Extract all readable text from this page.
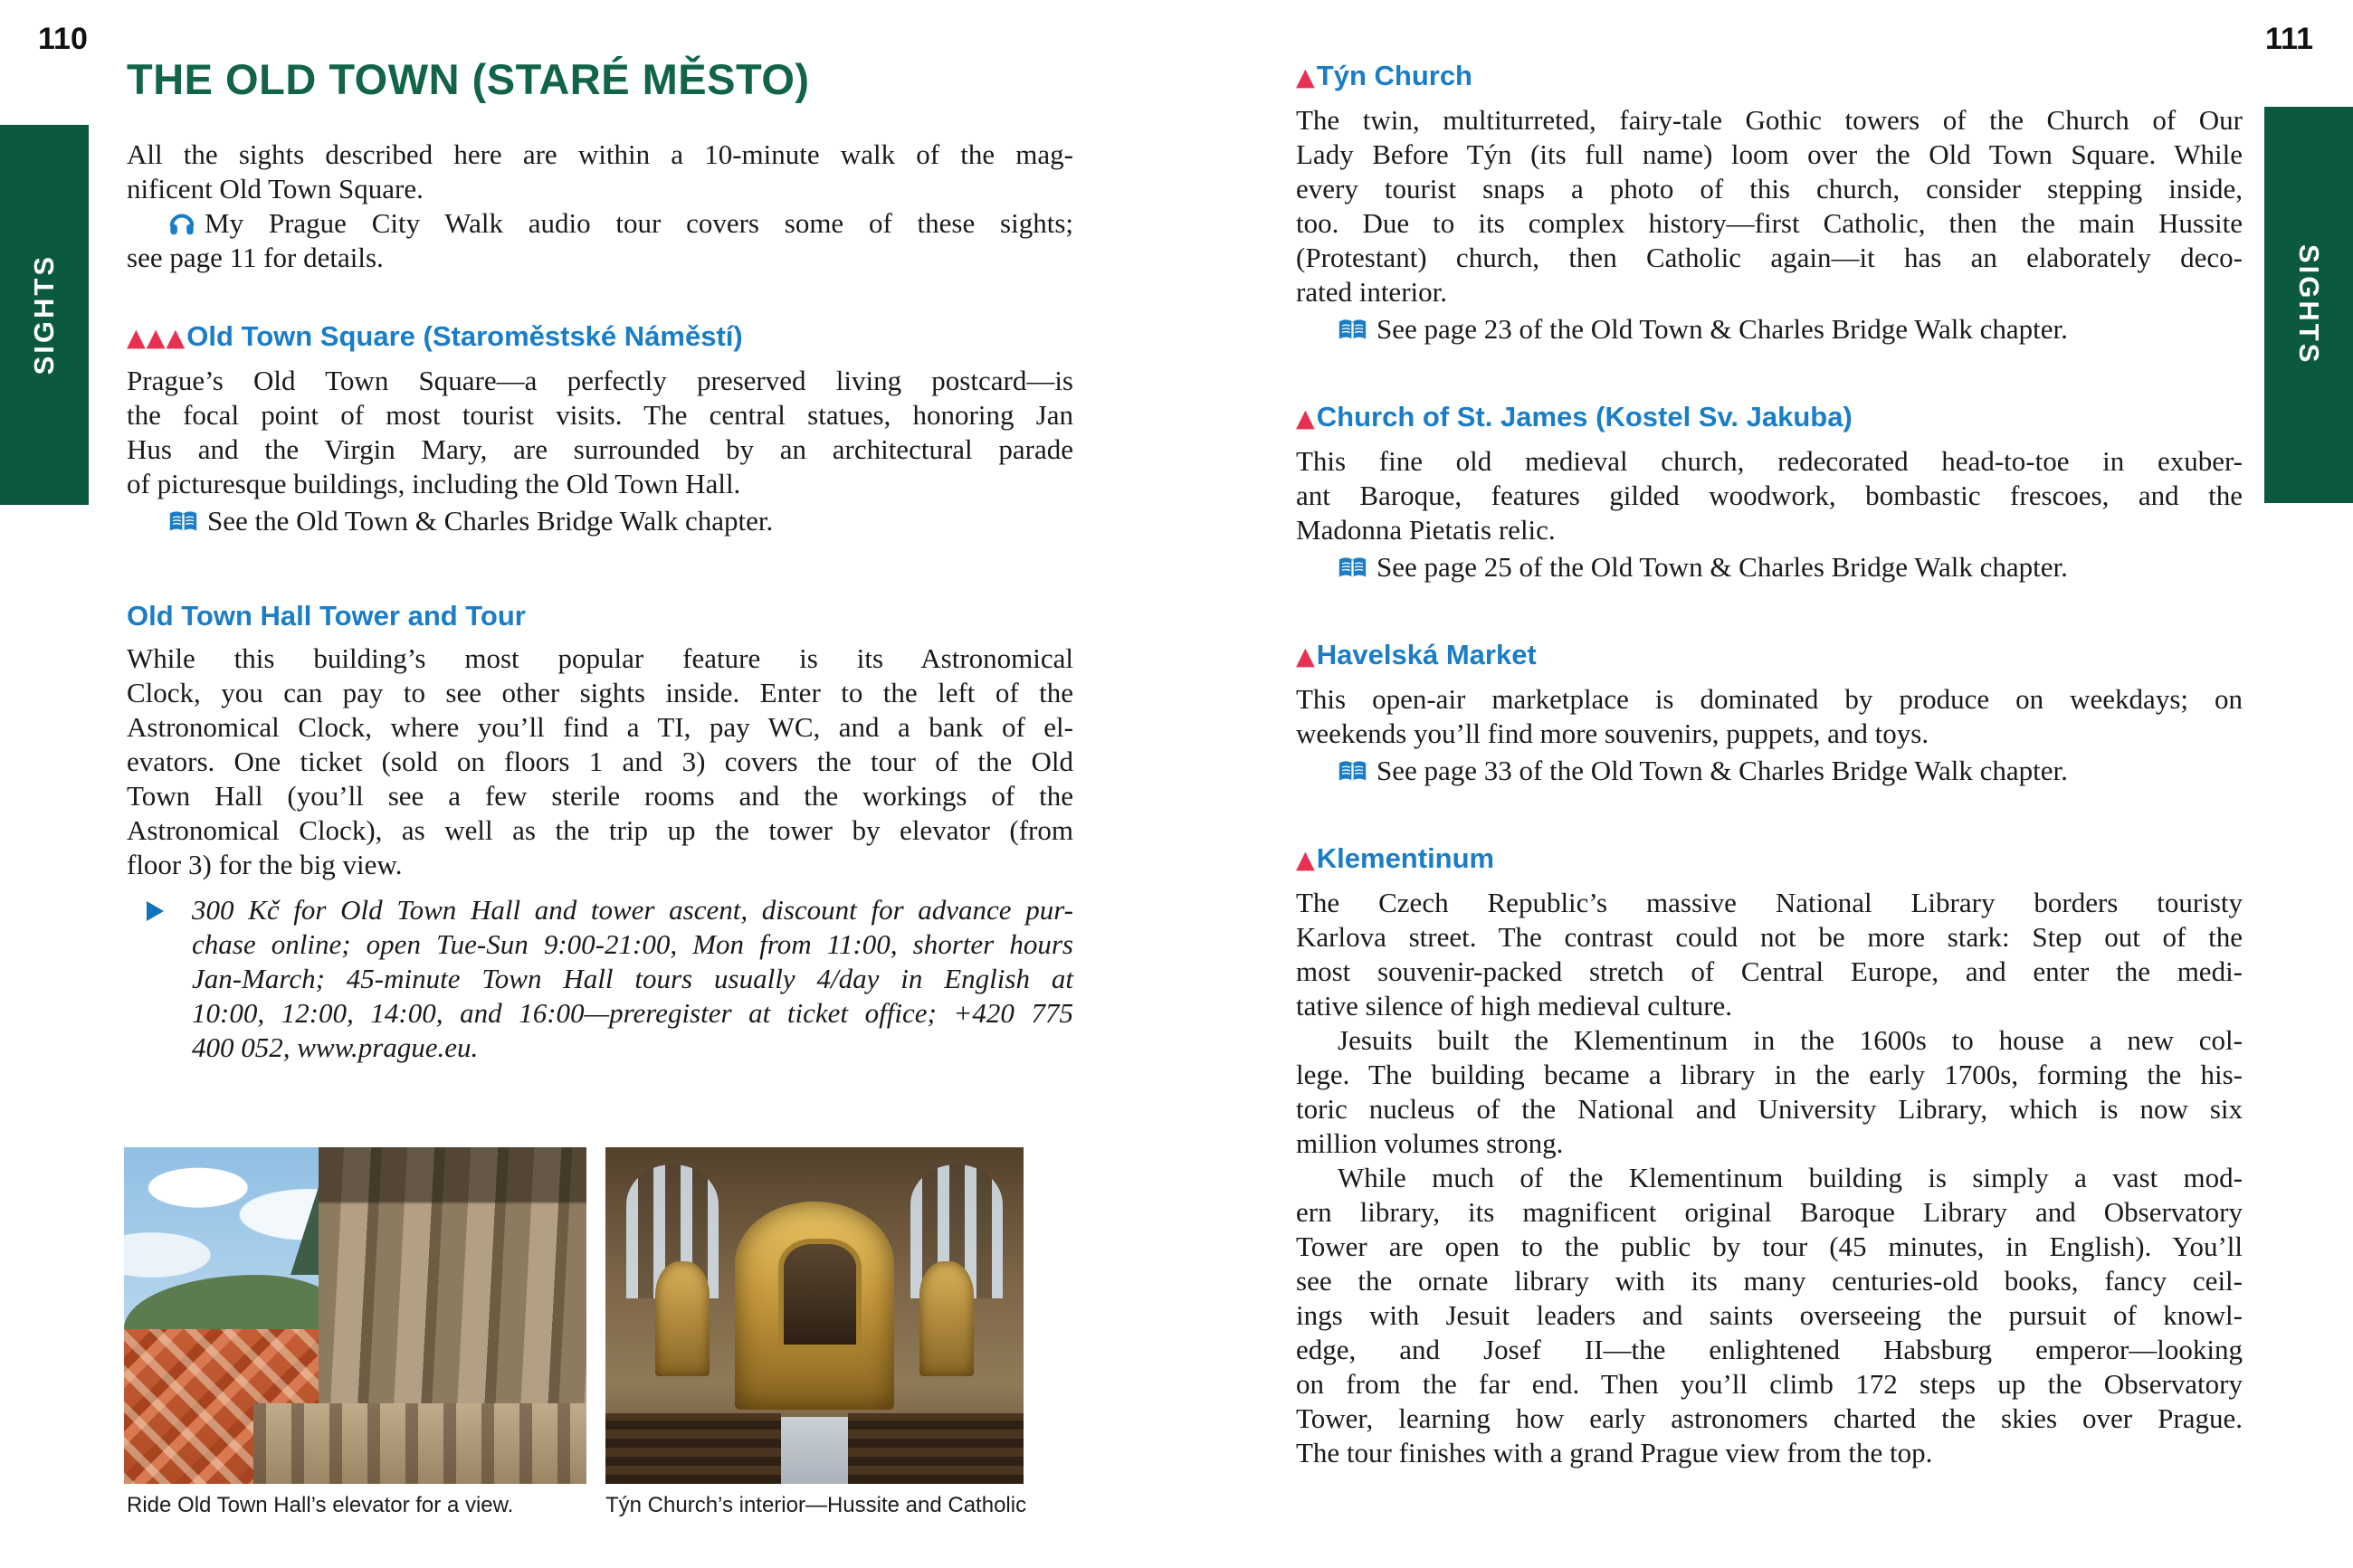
110	111
SIGHTS	SIGHTS
THE OLD TOWN (STARÉ MĚSTO)
All the sights described here are within a 10-minute walk of the mag-
nificent Old Town Square.
My Prague City Walk audio tour covers some of these sights;
see page 11 for details.
▲▲▲Old Town Square (Staroměstské Náměstí)
Prague’s Old Town Square—a perfectly preserved living postcard—is
the focal point of most tourist visits. The central statues, honoring Jan
Hus and the Virgin Mary, are surrounded by an architectural parade
of picturesque buildings, including the Old Town Hall.
See the Old Town & Charles Bridge Walk chapter.
Old Town Hall Tower and Tour
While this building’s most popular feature is its Astronomical
Clock, you can pay to see other sights inside. Enter to the left of the
Astronomical Clock, where you’ll find a TI, pay WC, and a bank of el-
evators. One ticket (sold on floors 1 and 3) covers the tour of the Old
Town Hall (you’ll see a few sterile rooms and the workings of the
Astronomical Clock), as well as the trip up the tower by elevator (from
floor 3) for the big view.
300 Kč for Old Town Hall and tower ascent, discount for advance pur-
chase online; open Tue-Sun 9:00-21:00, Mon from 11:00, shorter hours
Jan-March; 45-minute Town Hall tours usually 4/day in English at
10:00, 12:00, 14:00, and 16:00—preregister at ticket office; +420 775
400 052, www.prague.eu.
▲Týn Church
The twin, multiturreted, fairy-tale Gothic towers of the Church of Our
Lady Before Týn (its full name) loom over the Old Town Square. While
every tourist snaps a photo of this church, consider stepping inside,
too. Due to its complex history—first Catholic, then the main Hussite
(Protestant) church, then Catholic again—it has an elaborately deco-
rated interior.
See page 23 of the Old Town & Charles Bridge Walk chapter.
▲Church of St. James (Kostel Sv. Jakuba)
This fine old medieval church, redecorated head-to-toe in exuber-
ant Baroque, features gilded woodwork, bombastic frescoes, and the
Madonna Pietatis relic.
See page 25 of the Old Town & Charles Bridge Walk chapter.
▲Havelská Market
This open-air marketplace is dominated by produce on weekdays; on
weekends you’ll find more souvenirs, puppets, and toys.
See page 33 of the Old Town & Charles Bridge Walk chapter.
▲Klementinum
The Czech Republic’s massive National Library borders touristy
Karlova street. The contrast could not be more stark: Step out of the
most souvenir-packed stretch of Central Europe, and enter the medi-
tative silence of high medieval culture.
Jesuits built the Klementinum in the 1600s to house a new col-
lege. The building became a library in the early 1700s, forming the his-
toric nucleus of the National and University Library, which is now six
million volumes strong.
While much of the Klementinum building is simply a vast mod-
ern library, its magnificent original Baroque Library and Observatory
Tower are open to the public by tour (45 minutes, in English). You’ll
see the ornate library with its many centuries-old books, fancy ceil-
ings with Jesuit leaders and saints overseeing the pursuit of knowl-
edge, and Josef II—the enlightened Habsburg emperor—looking
on from the far end. Then you’ll climb 172 steps up the Observatory
Tower, learning how early astronomers charted the skies over Prague.
The tour finishes with a grand Prague view from the top.
Ride Old Town Hall’s elevator for a view.	Týn Church’s interior—Hussite and Catholic
